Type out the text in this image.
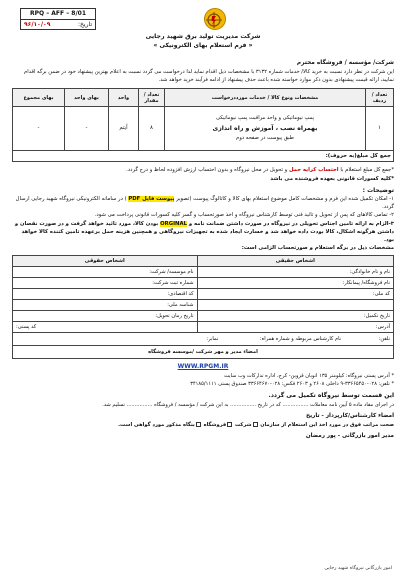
RPQ – AFF – 8/01
تاریخ:
۹۶/۱۰/۰۹
شرکت مدیریت تولید برق شهید رجایی
« فرم استعلام بهای الکترونیکی »
شرکت/ مؤسسه / فروشگاه محترم
این شرکت در نظر دارد نسبت به خرید کالا/ خدمات شماره ۳۱۳۲ با مشخصات ذیل اقدام نماید لذا درخواست می گردد نسبت به اعلام بهترین پیشنهاد خود در ضمن برگه اقدام نمایید، ارائه قیمت پیشنهادی بدون ذکر موارد خواسته شده باعث حذف پیشنهاد از ادامه فرآیند خرید خواهد شد.
تعداد / ردیف	مشخصات ونوع کالا / خدمات مورددرخواست	تعداد / مقدار	واحد	بهای واحد	بهای مجموع
۱	پمپ نیوماتیکی و واحد مراقبت پمپ نیوماتیکی
بهمراه نصب ، آموزش و راه اندازی
طبق پیوست در صفحه دوم	۸	آیتم	-	-
جمع کل مبلغ(به حروف):					
*جمع کل مبلغ استعلام با احتساب کرایه حمل و تحویل در محل نیروگاه و بدون احتساب ارزش افزوده لحاظ و درج گردد.
*کلیه کسورات قانونی بعهده فروشنده می باشد
توضیحات :
۱- امکان تکمیل شده این فرم و مشخصات کامل موضوع استعلام بهای کالا و کاتالوگ پیوست (تصویر پیوست فایل PDF ) در سامانه الکترونیکی نیروگاه شهید رجایی ارسال گردد.
۲- تمامی کالاهای که پس از تحویل و تائید فنی توسط کارشناس نیروگاه و اخذ صورتحساب و گسر کلیه کسورات قانونی پرداخت می شود.
۳-الزام به ارائه تامین اجناس تحویلی در نیروگاه در صورت داشتن ضمانت نامه و ORGINAL بودن کالا، مورد تائید خواهد گرفت و در صورت نقصان و داشتن هرگونه اشکال، کالا بودت داده خواهد شد و خسارت ایجاد شده به تجهیزات نیروگاهی و همچنین هزینه حمل برعهده تامین کننده کالا خواهد بود.
مشخصات ذیل در برگه استعلام و صورتحساب الزامی است:
اشخاص حقیقی	اشخاص حقوقی
نام و نام خانوادگی:	نام موسسه/ شرکت:
نام فروشگاه/ پیمانکار:	شماره ثبت شرکت:
کد ملی:	کد اقتصادی:
	شناسه ملی:
تاریخ تکمیل:	تاریخ زمان تحویل:
آدرس:	کد پستی:
تلفن: نام کارشناس مربوطه و شماره همراه: نمابر:	
امضاء مدیر و مهر شرکت /موسسه فروشگاه	
WWW.RPGM.IR
* آدرس پستی نیروگاه: کیلومتر ۱۳۵ اتوبان قزوین- کرج، اداره تدارکات وب سایت
* تلفن: ۰۲۸-۳۳۶۶۵۴۵۰-۹ داخلی ۲۶۰۸ و ۲۶۰۳ فکس: ۰۲۸-۳۳۶۶۴۶۷۰ صندوق پستی ۳۴۱۸۵/۱۱۱۱
این قسمت توسط نیروگاه تکمیل می گردد.
در اجرای مفاد ماده ۵ آیین نامه معاملات ................ که در تاریخ ................ به این شرکت / مؤسسه / فروشگاه ................ تسلیم شد.
امضاء کارشناس/کارپرداز - تاریخ
صحت مراتب فوق در مورد اخذ این استعلام از سازمان شرکت فروشگاه بنگاه مذکور مورد گواهی است.
مدیر امور بازرگانی - پور رمضان
امور بازرگانی نیروگاه شهید رجایی
